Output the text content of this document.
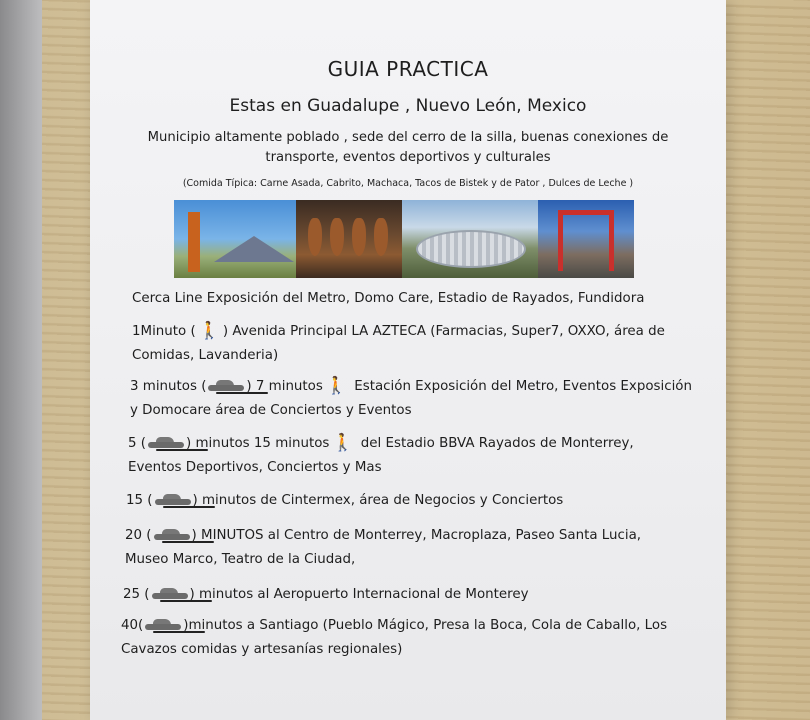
GUIA PRACTICA
Estas en Guadalupe , Nuevo León, Mexico
Municipio altamente poblado , sede del cerro de la silla, buenas conexiones de
transporte, eventos deportivos y culturales
(Comida Típica: Carne Asada, Cabrito, Machaca, Tacos de Bistek y de Pator , Dulces de Leche )
Cerca Line Exposición del Metro, Domo Care, Estadio de Rayados, Fundidora
1Minuto ( 🚶 ) Avenida Principal LA AZTECA (Farmacias, Super7, OXXO, área de
Comidas, Lavanderia)
3 minutos (	) 7 minutos 🚶 Estación Exposición del Metro, Eventos Exposición
y Domocare área de Conciertos y Eventos
5 (	) minutos 15 minutos 🚶 del Estadio BBVA Rayados de Monterrey,
Eventos Deportivos, Conciertos y Mas
15 (	) minutos de Cintermex, área de Negocios y Conciertos
20 (	) MINUTOS al Centro de Monterrey, Macroplaza, Paseo Santa Lucia,
Museo Marco, Teatro de la Ciudad,
25 (	) minutos al Aeropuerto Internacional de Monterey
40(	)minutos a Santiago (Pueblo Mágico, Presa la Boca, Cola de Caballo, Los
Cavazos comidas y artesanías regionales)
